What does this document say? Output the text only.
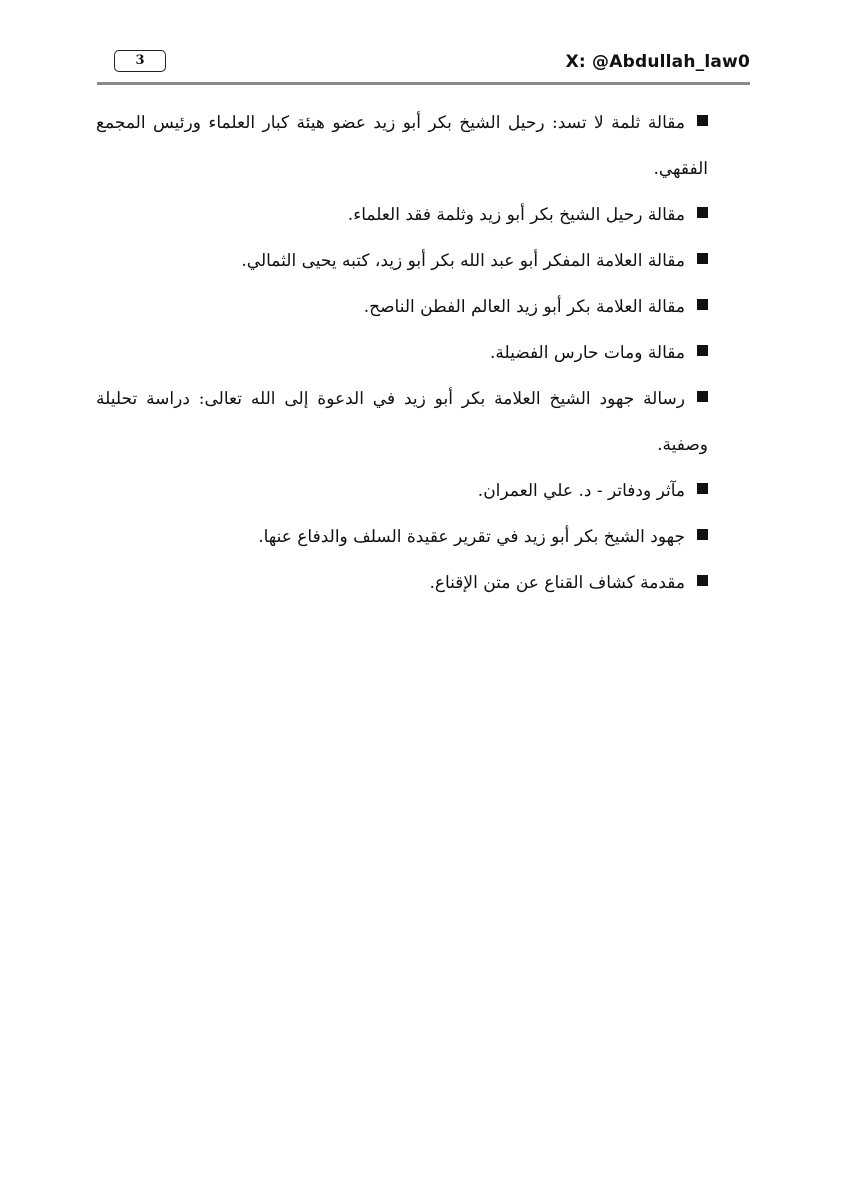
3	X: @Abdullah_law0
مقالة ثلمة لا تسد: رحيل الشيخ بكر أبو زيد عضو هيئة كبار العلماء ورئيس المجمع الفقهي.
مقالة رحيل الشيخ بكر أبو زيد وثلمة فقد العلماء.
مقالة العلامة المفكر أبو عبد الله بكر أبو زيد، كتبه يحيى الثمالي.
مقالة العلامة بكر أبو زيد العالم الفطن الناصح.
مقالة ومات حارس الفضيلة.
رسالة جهود الشيخ العلامة بكر أبو زيد في الدعوة إلى الله تعالى: دراسة تحليلة وصفية.
مآثر ودفاتر - د. علي العمران.
جهود الشيخ بكر أبو زيد في تقرير عقيدة السلف والدفاع عنها.
مقدمة كشاف القناع عن متن الإقناع.
